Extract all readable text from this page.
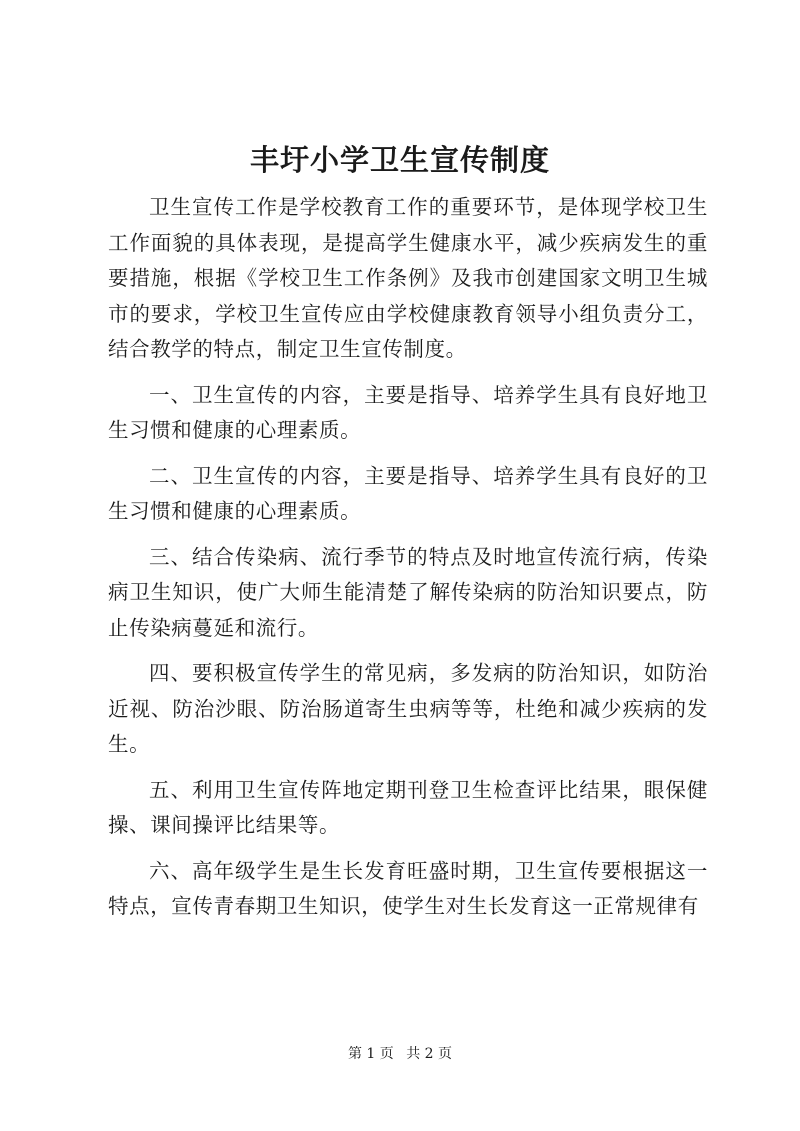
丰圩小学卫生宣传制度

卫生宣传工作是学校教育工作的重要环节，是体现学校卫生工作面貌的具体表现，是提高学生健康水平，减少疾病发生的重要措施，根据《学校卫生工作条例》及我市创建国家文明卫生城市的要求，学校卫生宣传应由学校健康教育领导小组负责分工，结合教学的特点，制定卫生宣传制度。

一、卫生宣传的内容，主要是指导、培养学生具有良好地卫生习惯和健康的心理素质。

二、卫生宣传的内容，主要是指导、培养学生具有良好的卫生习惯和健康的心理素质。

三、结合传染病、流行季节的特点及时地宣传流行病，传染病卫生知识，使广大师生能清楚了解传染病的防治知识要点，防止传染病蔓延和流行。

四、要积极宣传学生的常见病，多发病的防治知识，如防治近视、防治沙眼、防治肠道寄生虫病等等，杜绝和减少疾病的发生。

五、利用卫生宣传阵地定期刊登卫生检查评比结果，眼保健操、课间操评比结果等。

六、高年级学生是生长发育旺盛时期，卫生宣传要根据这一特点，宣传青春期卫生知识，使学生对生长发育这一正常规律有

第 1 页 共 2 页
